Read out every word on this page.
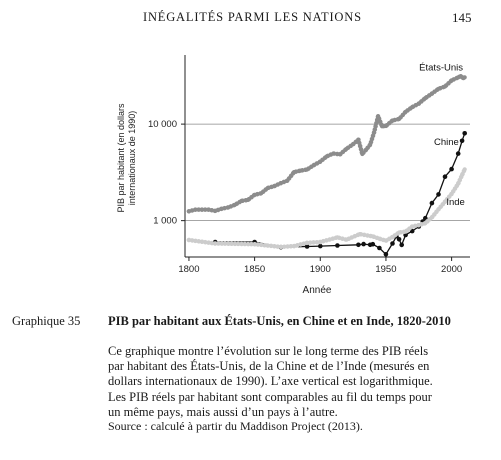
INÉGALITÉS PARMI LES NATIONS	145
1 000
10 000
1800	1850	1900	1950	2000
États-Unis
Chine
Inde
Année
PIB par habitant (en dollars internationaux de 1990)
Graphique 35 PIB par habitant aux États-Unis, en Chine et en Inde, 1820-2010
Ce graphique montre l’évolution sur le long terme des PIB réels
par habitant des États-Unis, de la Chine et de l’Inde (mesurés en
dollars internationaux de 1990). L’axe vertical est logarithmique.
Les PIB réels par habitant sont comparables au fil du temps pour
un même pays, mais aussi d’un pays à l’autre.
Source : calculé à partir du Maddison Project (2013).
